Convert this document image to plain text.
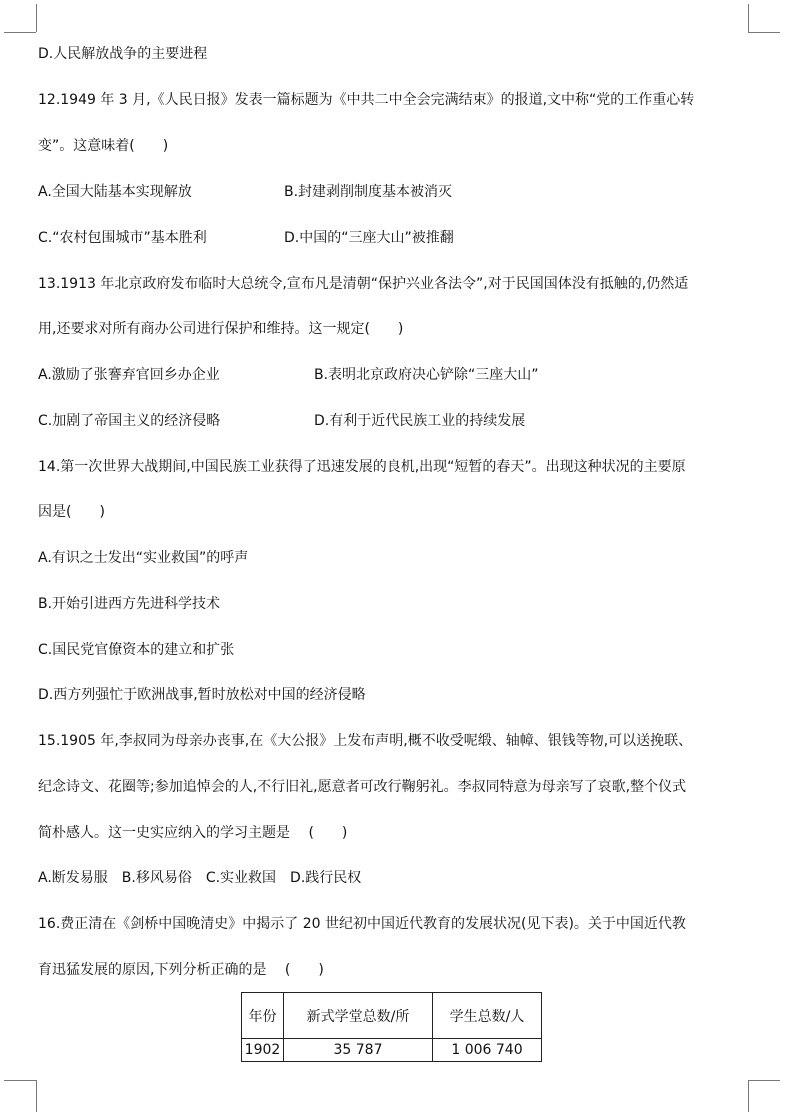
D.人民解放战争的主要进程
12.1949 年 3 月,《人民日报》发表一篇标题为《中共二中全会完满结束》的报道,文中称“党的工作重心转
变”。这意味着(　　)
A.全国大陆基本实现解放	B.封建剥削制度基本被消灭
C.“农村包围城市”基本胜利	D.中国的“三座大山”被推翻
13.1913 年北京政府发布临时大总统令,宣布凡是清朝“保护兴业各法令”,对于民国国体没有抵触的,仍然适
用,还要求对所有商办公司进行保护和维持。这一规定(　　)
A.激励了张謇弃官回乡办企业	B.表明北京政府决心铲除“三座大山”
C.加剧了帝国主义的经济侵略	D.有利于近代民族工业的持续发展
14.第一次世界大战期间,中国民族工业获得了迅速发展的良机,出现“短暂的春天”。出现这种状况的主要原
因是(　　)
A.有识之士发出“实业救国”的呼声
B.开始引进西方先进科学技术
C.国民党官僚资本的建立和扩张
D.西方列强忙于欧洲战事,暂时放松对中国的经济侵略
15.1905 年,李叔同为母亲办丧事,在《大公报》上发布声明,概不收受呢缎、轴幛、银钱等物,可以送挽联、
纪念诗文、花圈等;参加追悼会的人,不行旧礼,愿意者可改行鞠躬礼。李叔同特意为母亲写了哀歌,整个仪式
简朴感人。这一史实应纳入的学习主题是　 (　　)
A.断发易服　B.移风易俗　C.实业救国　D.践行民权
16.费正清在《剑桥中国晚清史》中揭示了 20 世纪初中国近代教育的发展状况(见下表)。关于中国近代教
育迅猛发展的原因,下列分析正确的是　 (　　)
年份	新式学堂总数/所	学生总数/人
1902	35 787	1 006 740
